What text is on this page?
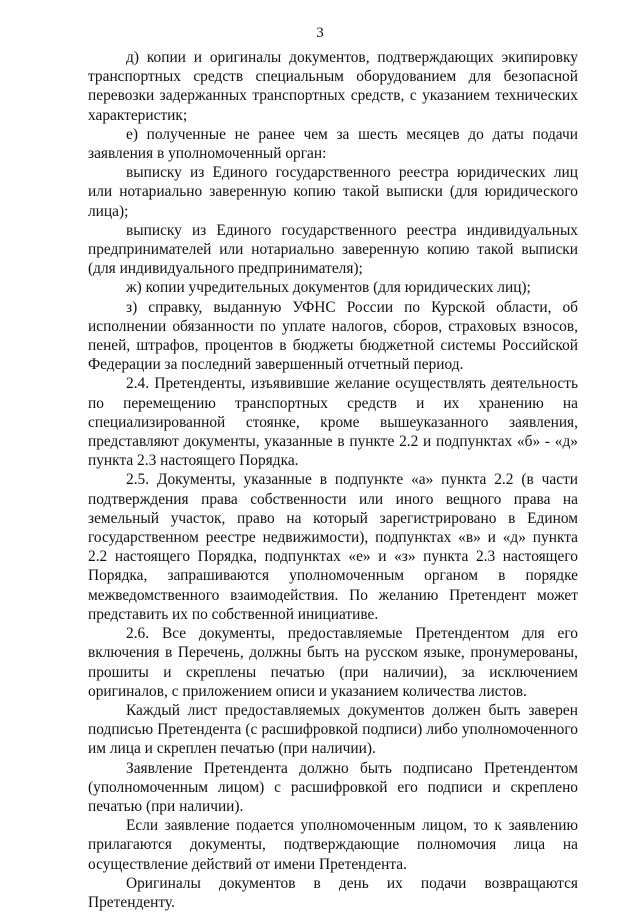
3

д) копии и оригиналы документов, подтверждающих экипировку транспортных средств специальным оборудованием для безопасной перевозки задержанных транспортных средств, с указанием технических характеристик;

е) полученные не ранее чем за шесть месяцев до даты подачи заявления в уполномоченный орган:

выписку из Единого государственного реестра юридических лиц или нотариально заверенную копию такой выписки (для юридического лица);

выписку из Единого государственного реестра индивидуальных предпринимателей или нотариально заверенную копию такой выписки (для индивидуального предпринимателя);

ж) копии учредительных документов (для юридических лиц);

з) справку, выданную УФНС России по Курской области, об исполнении обязанности по уплате налогов, сборов, страховых взносов, пеней, штрафов, процентов в бюджеты бюджетной системы Российской Федерации за последний завершенный отчетный период.

2.4. Претенденты, изъявившие желание осуществлять деятельность по перемещению транспортных средств и их хранению на специализированной стоянке, кроме вышеуказанного заявления, представляют документы, указанные в пункте 2.2 и подпунктах «б» - «д» пункта 2.3 настоящего Порядка.

2.5. Документы, указанные в подпункте «а» пункта 2.2 (в части подтверждения права собственности или иного вещного права на земельный участок, право на который зарегистрировано в Едином государственном реестре недвижимости), подпунктах «в» и «д» пункта 2.2 настоящего Порядка, подпунктах «е» и «з» пункта 2.3 настоящего Порядка, запрашиваются уполномоченным органом в порядке межведомственного взаимодействия. По желанию Претендент может представить их по собственной инициативе.

2.6. Все документы, предоставляемые Претендентом для его включения в Перечень, должны быть на русском языке, пронумерованы, прошиты и скреплены печатью (при наличии), за исключением оригиналов, с приложением описи и указанием количества листов.

Каждый лист предоставляемых документов должен быть заверен подписью Претендента (с расшифровкой подписи) либо уполномоченного им лица и скреплен печатью (при наличии).

Заявление Претендента должно быть подписано Претендентом (уполномоченным лицом) с расшифровкой его подписи и скреплено печатью (при наличии).

Если заявление подается уполномоченным лицом, то к заявлению прилагаются документы, подтверждающие полномочия лица на осуществление действий от имени Претендента.

Оригиналы документов в день их подачи возвращаются Претенденту.
